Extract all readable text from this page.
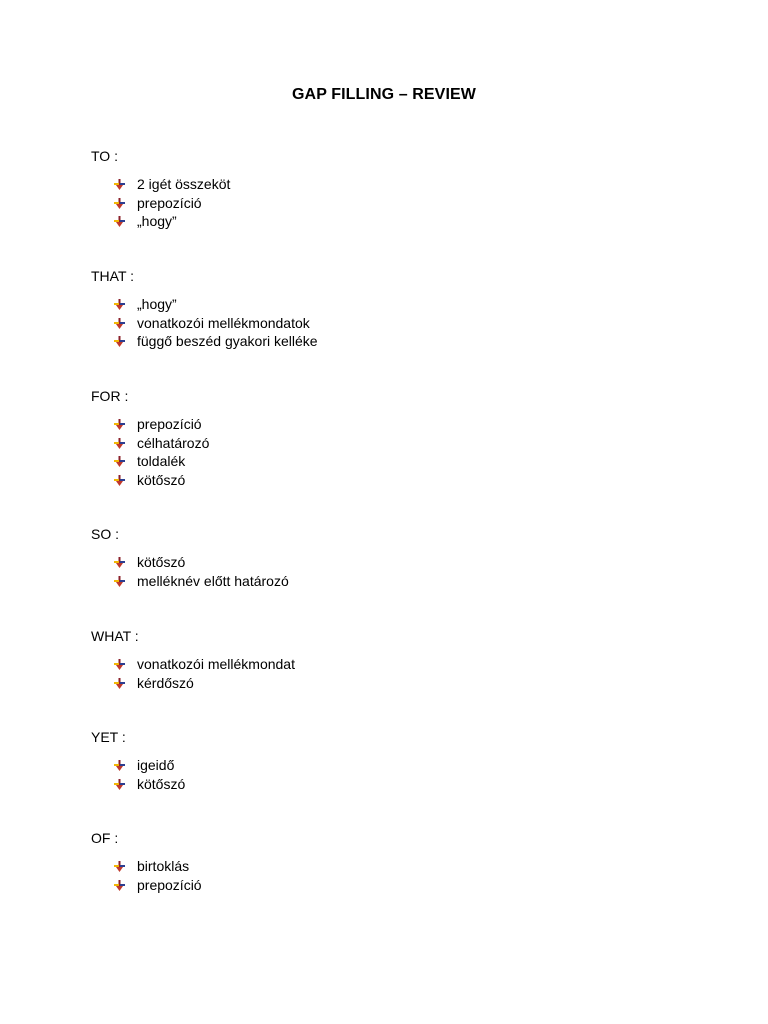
GAP FILLING – REVIEW
TO :
2 igét összeköt
prepozíció
„hogy”
THAT :
„hogy”
vonatkozói mellékmondatok
függő beszéd gyakori kelléke
FOR :
prepozíció
célhatározó
toldalék
kötőszó
SO :
kötőszó
melléknév előtt határozó
WHAT :
vonatkozói mellékmondat
kérdőszó
YET :
igeidő
kötőszó
OF :
birtoklás
prepozíció
